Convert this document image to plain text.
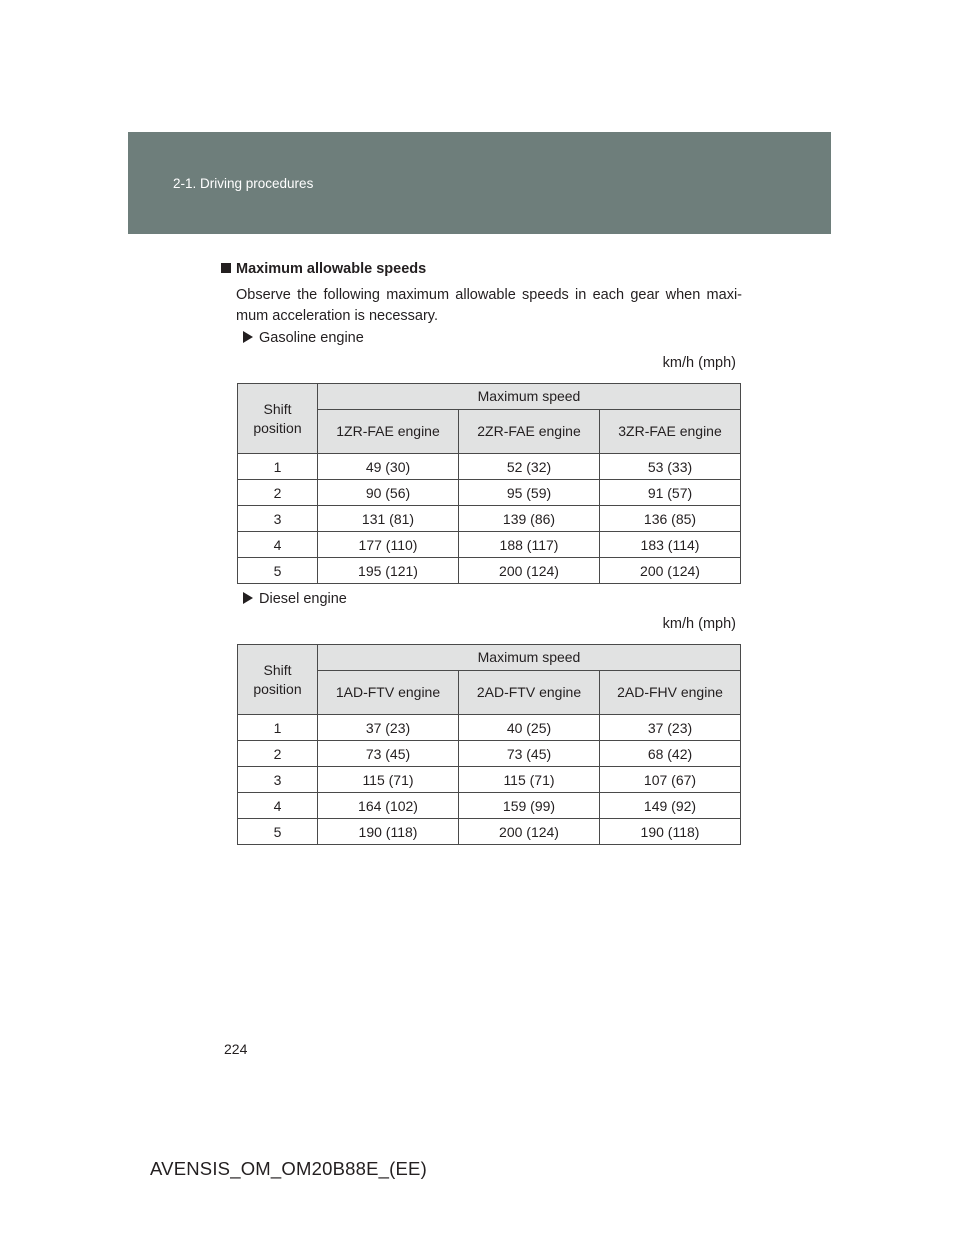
2-1. Driving procedures
Maximum allowable speeds
Observe the following maximum allowable speeds in each gear when maxi- mum acceleration is necessary.
Gasoline engine
km/h (mph)
Shift position	Maximum speed		
	1ZR-FAE engine	2ZR-FAE engine	3ZR-FAE engine
1	49 (30)	52 (32)	53 (33)
2	90 (56)	95 (59)	91 (57)
3	131 (81)	139 (86)	136 (85)
4	177 (110)	188 (117)	183 (114)
5	195 (121)	200 (124)	200 (124)
Diesel engine
km/h (mph)
Shift position	Maximum speed		
	1AD-FTV engine	2AD-FTV engine	2AD-FHV engine
1	37 (23)	40 (25)	37 (23)
2	73 (45)	73 (45)	68 (42)
3	115 (71)	115 (71)	107 (67)
4	164 (102)	159 (99)	149 (92)
5	190 (118)	200 (124)	190 (118)
224
AVENSIS_OM_OM20B88E_(EE)
